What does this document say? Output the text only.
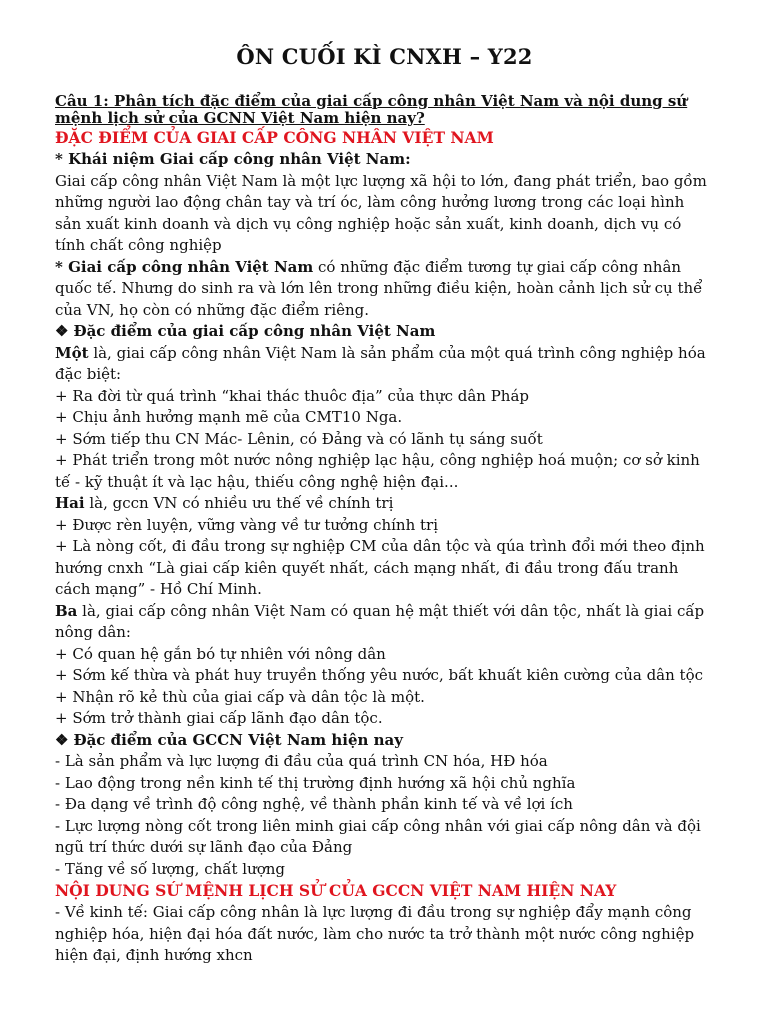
ÔN CUỐI KÌ CNXH – Y22

Câu 1: Phân tích đặc điểm của giai cấp công nhân Việt Nam và nội dung sứ mệnh lịch sử của GCNN Việt Nam hiện nay?

ĐẶC ĐIỂM CỦA GIAI CẤP CÔNG NHÂN VIỆT NAM

* Khái niệm Giai cấp công nhân Việt Nam:

Giai cấp công nhân Việt Nam là một lực lượng xã hội to lớn, đang phát triển, bao gồm những người lao động chân tay và trí óc, làm công hưởng lương trong các loại hình sản xuất kinh doanh và dịch vụ công nghiệp hoặc sản xuất, kinh doanh, dịch vụ có tính chất công nghiệp

* Giai cấp công nhân Việt Nam có những đặc điểm tương tự giai cấp công nhân quốc tế. Nhưng do sinh ra và lớn lên trong những điều kiện, hoàn cảnh lịch sử cụ thể của VN, họ còn có những đặc điểm riêng.

❖ Đặc điểm của giai cấp công nhân Việt Nam

Một là, giai cấp công nhân Việt Nam là sản phẩm của một quá trình công nghiệp hóa đặc biệt:

+ Ra đời từ quá trình “khai thác thuôc địa” của thực dân Pháp

+ Chịu ảnh hưởng mạnh mẽ của CMT10 Nga.

+ Sớm tiếp thu CN Mác- Lênin, có Đảng và có lãnh tụ sáng suốt

+ Phát triển trong môt nước nông nghiệp lạc hậu, công nghiệp hoá muộn; cơ sở kinh tế - kỹ thuật ít và lạc hậu, thiếu công nghệ hiện đại...

Hai là, gccn VN có nhiều ưu thế về chính trị

+ Được rèn luyện, vững vàng về tư tưởng chính trị

+ Là nòng cốt, đi đầu trong sự nghiệp CM của dân tộc và qúa trình đổi mới theo định hướng cnxh “Là giai cấp kiên quyết nhất, cách mạng nhất, đi đầu trong đấu tranh cách mạng” - Hồ Chí Minh.

Ba là, giai cấp công nhân Việt Nam có quan hệ mật thiết với dân tộc, nhất là giai cấp nông dân:

+ Có quan hệ gắn bó tự nhiên với nông dân

+ Sớm kế thừa và phát huy truyền thống yêu nước, bất khuất kiên cường của dân tộc + Nhận rõ kẻ thù của giai cấp và dân tộc là một.

+ Sớm trở thành giai cấp lãnh đạo dân tộc.

❖ Đặc điểm của GCCN Việt Nam hiện nay

- Là sản phẩm và lực lượng đi đầu của quá trình CN hóa, HĐ hóa

- Lao động trong nền kinh tế thị trường định hướng xã hội chủ nghĩa

- Đa dạng về trình độ công nghệ, về thành phần kinh tế và về lợi ích

- Lực lượng nòng cốt trong liên minh giai cấp công nhân với giai cấp nông dân và đội ngũ trí thức dưới sự lãnh đạo của Đảng

- Tăng về số lượng, chất lượng

NỘI DUNG SỨ MỆNH LỊCH SỬ CỦA GCCN VIỆT NAM HIỆN NAY

- Về kinh tế: Giai cấp công nhân là lực lượng đi đầu trong sự nghiệp đẩy mạnh công nghiệp hóa, hiện đại hóa đất nước, làm cho nước ta trở thành một nước công nghiệp hiện đại, định hướng xhcn
